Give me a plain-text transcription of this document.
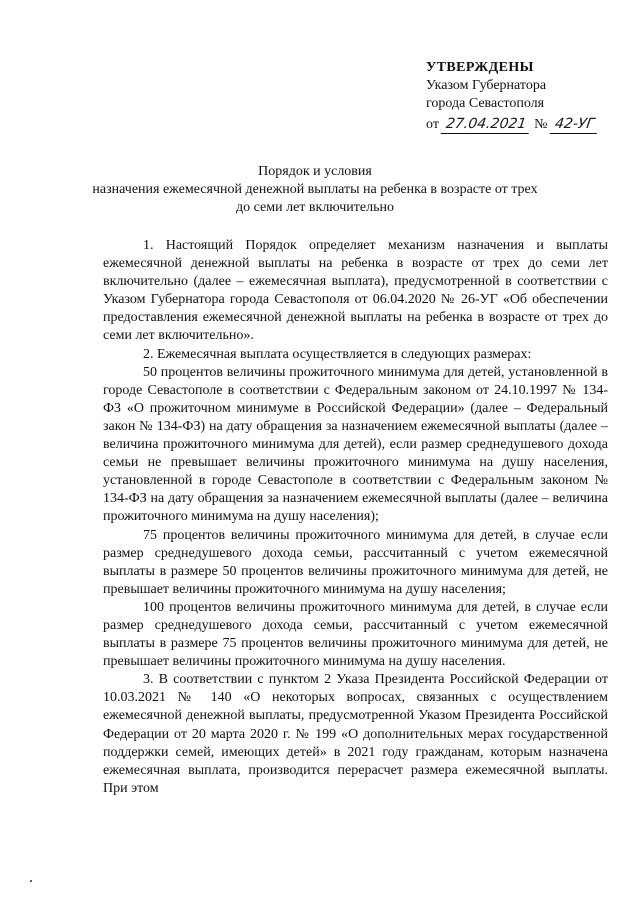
УТВЕРЖДЕНЫ
Указом Губернатора
города Севастополя
от 27.04.2021 № 42-УГ
Порядок и условия
назначения ежемесячной денежной выплаты на ребенка в возрасте от трех
до семи лет включительно

1. Настоящий Порядок определяет механизм назначения и выплаты ежемесячной денежной выплаты на ребенка в возрасте от трех до семи лет включительно (далее – ежемесячная выплата), предусмотренной в соответствии с Указом Губернатора города Севастополя от 06.04.2020 № 26-УГ «Об обеспечении предоставления ежемесячной денежной выплаты на ребенка в возрасте от трех до семи лет включительно».

2. Ежемесячная выплата осуществляется в следующих размерах:

50 процентов величины прожиточного минимума для детей, установленной в городе Севастополе в соответствии с Федеральным законом от 24.10.1997 № 134-ФЗ «О прожиточном минимуме в Российской Федерации» (далее – Федеральный закон № 134-ФЗ) на дату обращения за назначением ежемесячной выплаты (далее – величина прожиточного минимума для детей), если размер среднедушевого дохода семьи не превышает величины прожиточного минимума на душу населения, установленной в городе Севастополе в соответствии с Федеральным законом № 134-ФЗ на дату обращения за назначением ежемесячной выплаты (далее – величина прожиточного минимума на душу населения);

75 процентов величины прожиточного минимума для детей, в случае если размер среднедушевого дохода семьи, рассчитанный с учетом ежемесячной выплаты в размере 50 процентов величины прожиточного минимума для детей, не превышает величины прожиточного минимума на душу населения;

100 процентов величины прожиточного минимума для детей, в случае если размер среднедушевого дохода семьи, рассчитанный с учетом ежемесячной выплаты в размере 75 процентов величины прожиточного минимума для детей, не превышает величины прожиточного минимума на душу населения.

3. В соответствии с пунктом 2 Указа Президента Российской Федерации от 10.03.2021 № 140 «О некоторых вопросах, связанных с осуществлением ежемесячной денежной выплаты, предусмотренной Указом Президента Российской Федерации от 20 марта 2020 г. № 199 «О дополнительных мерах государственной поддержки семей, имеющих детей» в 2021 году гражданам, которым назначена ежемесячная выплата, производится перерасчет размера ежемесячной выплаты. При этом
